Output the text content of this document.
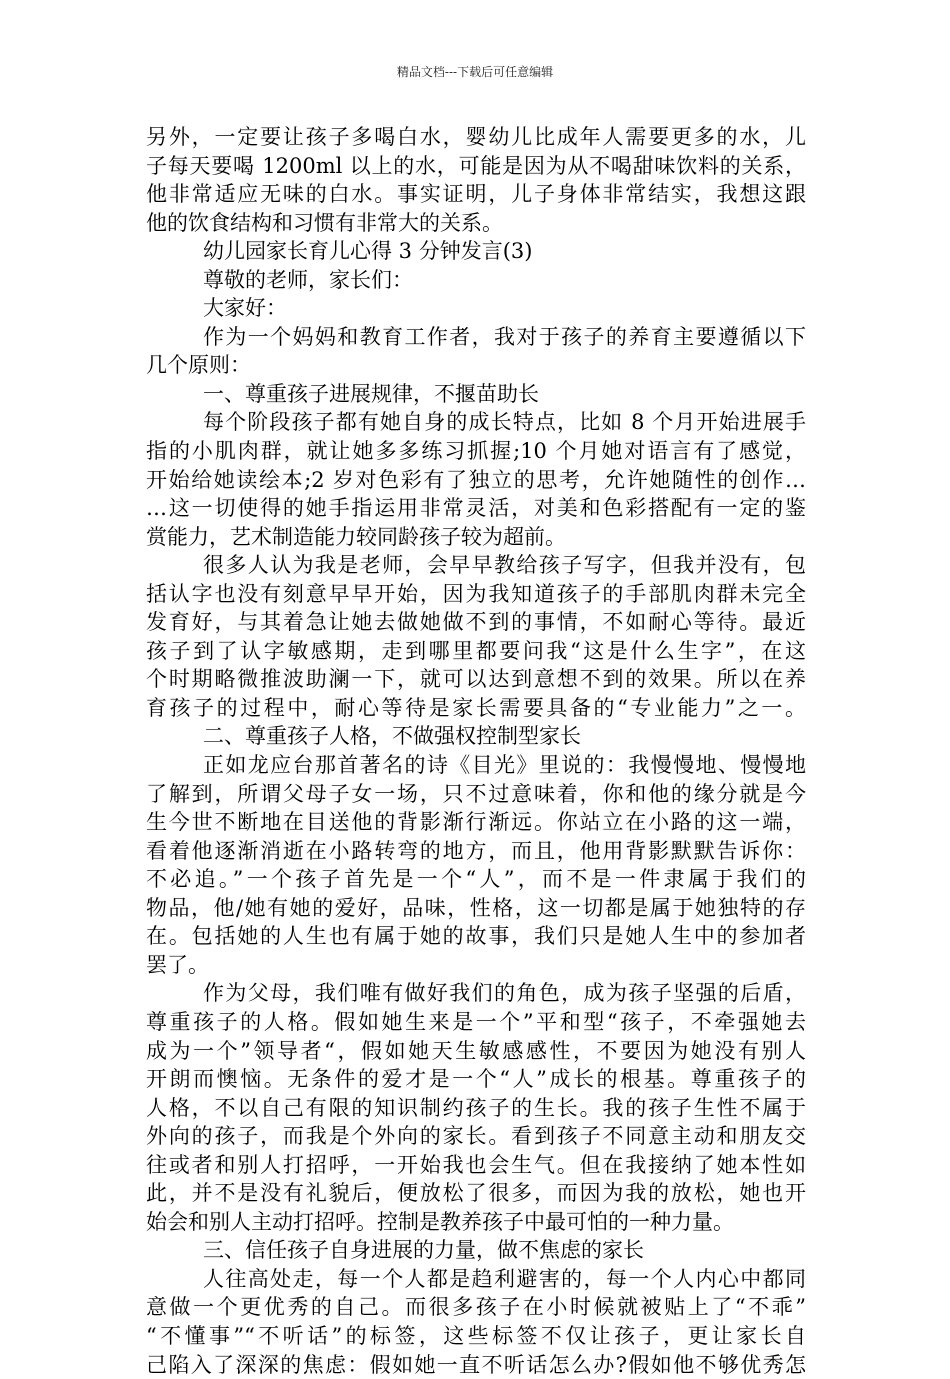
精品文档---下载后可任意编辑
另外，一定要让孩子多喝白水，婴幼儿比成年人需要更多的水，儿
子每天要喝 1200ml 以上的水，可能是因为从不喝甜味饮料的关系，
他非常适应无味的白水。事实证明，儿子身体非常结实，我想这跟
他的饮食结构和习惯有非常大的关系。
幼儿园家长育儿心得 3 分钟发言(3)
尊敬的老师，家长们：
大家好：
作为一个妈妈和教育工作者，我对于孩子的养育主要遵循以下
几个原则：
一、尊重孩子进展规律，不揠苗助长
每个阶段孩子都有她自身的成长特点，比如 8 个月开始进展手
指的小肌肉群，就让她多多练习抓握;10 个月她对语言有了感觉，
开始给她读绘本;2 岁对色彩有了独立的思考，允许她随性的创作…
…这一切使得的她手指运用非常灵活，对美和色彩搭配有一定的鉴
赏能力，艺术制造能力较同龄孩子较为超前。
很多人认为我是老师，会早早教给孩子写字，但我并没有，包
括认字也没有刻意早早开始，因为我知道孩子的手部肌肉群未完全
发育好，与其着急让她去做她做不到的事情，不如耐心等待。最近
孩子到了认字敏感期，走到哪里都要问我“这是什么生字”，在这
个时期略微推波助澜一下，就可以达到意想不到的效果。所以在养
育孩子的过程中，耐心等待是家长需要具备的“专业能力”之一。
二、尊重孩子人格，不做强权控制型家长
正如龙应台那首著名的诗《目光》里说的：我慢慢地、慢慢地
了解到，所谓父母子女一场，只不过意味着，你和他的缘分就是今
生今世不断地在目送他的背影渐行渐远。你站立在小路的这一端，
看着他逐渐消逝在小路转弯的地方，而且，他用背影默默告诉你：
不必追。”一个孩子首先是一个“人”，而不是一件隶属于我们的
物品，他/她有她的爱好，品味，性格，这一切都是属于她独特的存
在。包括她的人生也有属于她的故事，我们只是她人生中的参加者
罢了。
作为父母，我们唯有做好我们的角色，成为孩子坚强的后盾，
尊重孩子的人格。假如她生来是一个”平和型“孩子，不牵强她去
成为一个”领导者“，假如她天生敏感感性，不要因为她没有别人
开朗而懊恼。无条件的爱才是一个“人”成长的根基。尊重孩子的
人格，不以自己有限的知识制约孩子的生长。我的孩子生性不属于
外向的孩子，而我是个外向的家长。看到孩子不同意主动和朋友交
往或者和别人打招呼，一开始我也会生气。但在我接纳了她本性如
此，并不是没有礼貌后，便放松了很多，而因为我的放松，她也开
始会和别人主动打招呼。控制是教养孩子中最可怕的一种力量。
三、信任孩子自身进展的力量，做不焦虑的家长
人往高处走，每一个人都是趋利避害的，每一个人内心中都同
意做一个更优秀的自己。而很多孩子在小时候就被贴上了“不乖”
“不懂事”“不听话”的标签，这些标签不仅让孩子，更让家长自
己陷入了深深的焦虑：假如她一直不听话怎么办?假如他不够优秀怎
